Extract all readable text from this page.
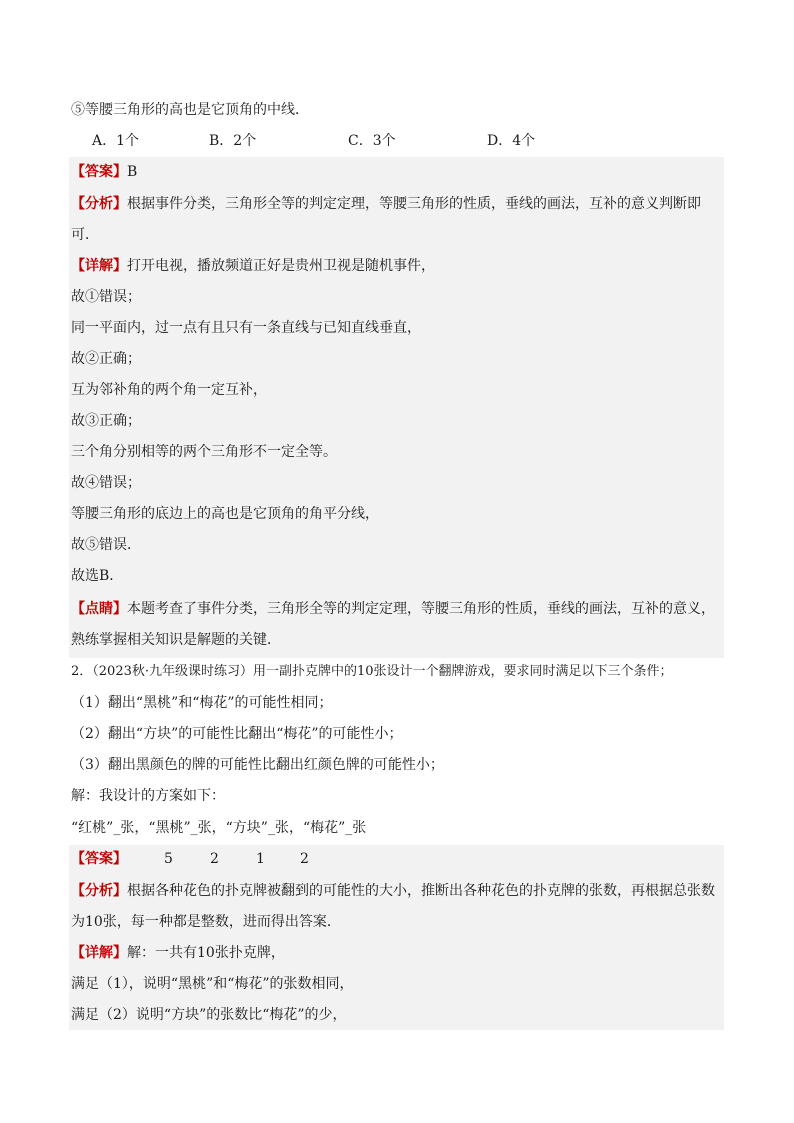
⑤等腰三角形的高也是它顶角的中线．
A．1个	B．2个	C．3个	D．4个
【答案】B
【分析】根据事件分类，三角形全等的判定定理，等腰三角形的性质，垂线的画法，互补的意义判断即
可．
【详解】打开电视，播放频道正好是贵州卫视是随机事件，
故①错误；
同一平面内，过一点有且只有一条直线与已知直线垂直，
故②正确；
互为邻补角的两个角一定互补，
故③正确；
三个角分别相等的两个三角形不一定全等。
故④错误；
等腰三角形的底边上的高也是它顶角的角平分线，
故⑤错误．
故选B．
【点睛】本题考查了事件分类，三角形全等的判定定理，等腰三角形的性质，垂线的画法，互补的意义，
熟练掌握相关知识是解题的关键．
2．（2023秋·九年级课时练习）用一副扑克牌中的10张设计一个翻牌游戏，要求同时满足以下三个条件；
（1）翻出“黑桃”和“梅花”的可能性相同；
（2）翻出“方块”的可能性比翻出“梅花”的可能性小；
（3）翻出黑颜色的牌的可能性比翻出红颜色牌的可能性小；
解：我设计的方案如下：
“红桃”_张，“黑桃”_张，“方块”_张，“梅花”_张
【答案】	5	2	1	2
【分析】根据各种花色的扑克牌被翻到的可能性的大小，推断出各种花色的扑克牌的张数，再根据总张数
为10张，每一种都是整数，进而得出答案．
【详解】解：一共有10张扑克牌，
满足（1），说明“黑桃”和“梅花”的张数相同，
满足（2）说明“方块”的张数比“梅花”的少，
